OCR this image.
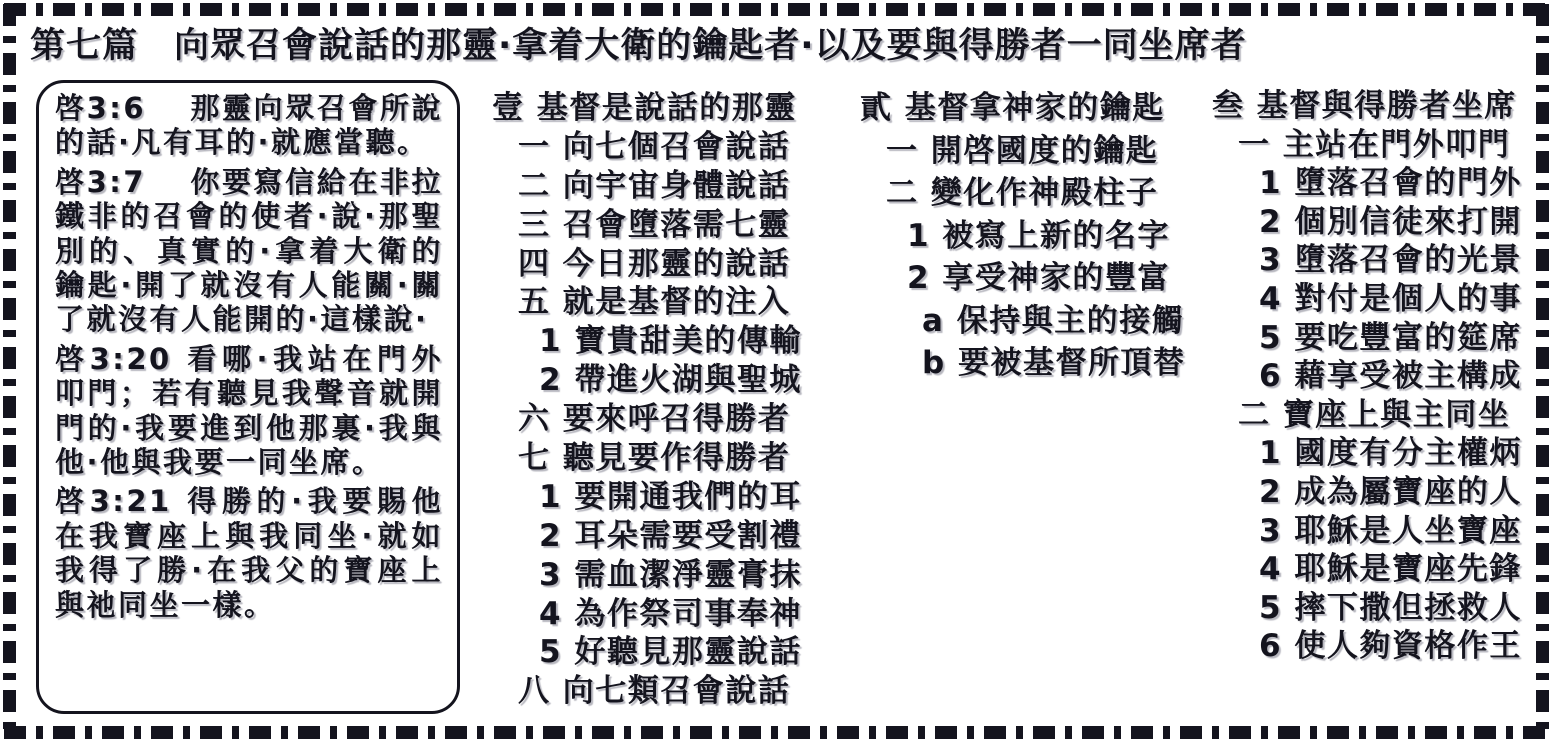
第七篇　向眾召會說話的那靈·拿着大衛的鑰匙者·以及要與得勝者一同坐席者
啓3:6　 那靈向眾召會所說的話·凡有耳的·就應當聽。
啓3:7　 你要寫信給在非拉鐵非的召會的使者·說·那聖別的、真實的·拿着大衛的鑰匙·開了就沒有人能關·關了就沒有人能開的·這樣說·
啓3:20 看哪·我站在門外叩門；若有聽見我聲音就開門的·我要進到他那裏·我與他·他與我要一同坐席。
啓3:21 得勝的·我要賜他在我寶座上與我同坐·就如我得了勝·在我父的寶座上與祂同坐一樣。
壹 基督是說話的那靈
一 向七個召會說話
二 向宇宙身體說話
三 召會墮落需七靈
四 今日那靈的說話
五 就是基督的注入
1 寶貴甜美的傳輸
2 帶進火湖與聖城
六 要來呼召得勝者
七 聽見要作得勝者
1 要開通我們的耳
2 耳朵需要受割禮
3 需血潔淨靈膏抹
4 為作祭司事奉神
5 好聽見那靈說話
八 向七類召會說話
貳 基督拿神家的鑰匙
一 開啓國度的鑰匙
二 變化作神殿柱子
1 被寫上新的名字
2 享受神家的豐富
a 保持與主的接觸
b 要被基督所頂替
叁 基督與得勝者坐席
一 主站在門外叩門
1 墮落召會的門外
2 個別信徒來打開
3 墮落召會的光景
4 對付是個人的事
5 要吃豐富的筵席
6 藉享受被主構成
二 寶座上與主同坐
1 國度有分主權炳
2 成為屬寶座的人
3 耶穌是人坐寶座
4 耶穌是寶座先鋒
5 摔下撒但拯救人
6 使人夠資格作王
